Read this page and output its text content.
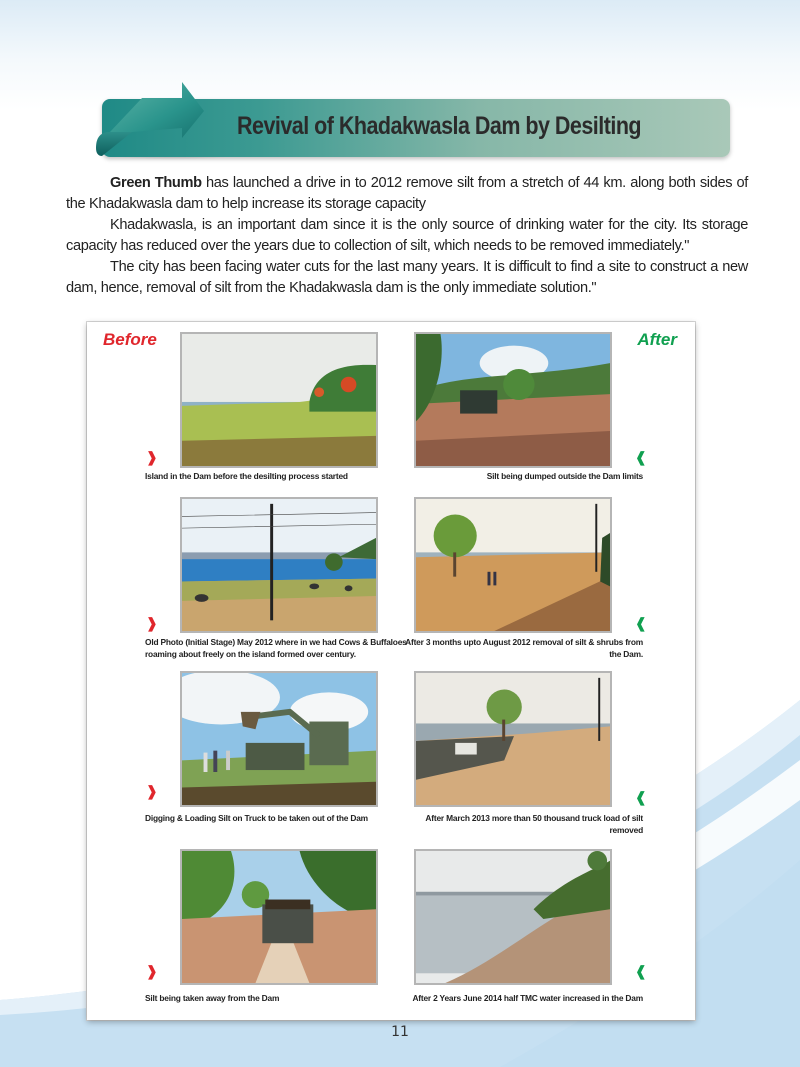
Revival of Khadakwasla Dam by Desilting

Green Thumb has launched a drive in to 2012 remove silt from a stretch of 44 km. along both sides of the Khadakwasla dam to help increase its storage capacity

Khadakwasla, is an important dam since it is the only source of drinking water for the city. Its storage capacity has reduced over the years due to collection of silt, which needs to be removed immediately."

The city has been facing water cuts for the last many years. It is difficult to find a site to construct a new dam, hence, removal of silt from the Khadakwasla dam is the only immediate solution."

Before	After
❱
Island in the Dam before the desilting process started
❰
Silt being dumped outside the Dam limits
❱
Old Photo (Initial Stage) May 2012 where in we had Cows & Buffaloes roaming about freely on the island formed over century.
❰
After 3 months upto August 2012 removal of silt & shrubs from the Dam.
❱
Digging & Loading Silt on Truck to be taken out of the Dam
❰
After March 2013 more than 50 thousand truck load of silt removed
❱
Silt being taken away from the Dam
❰
After 2 Years June 2014 half TMC water increased in the Dam
11
